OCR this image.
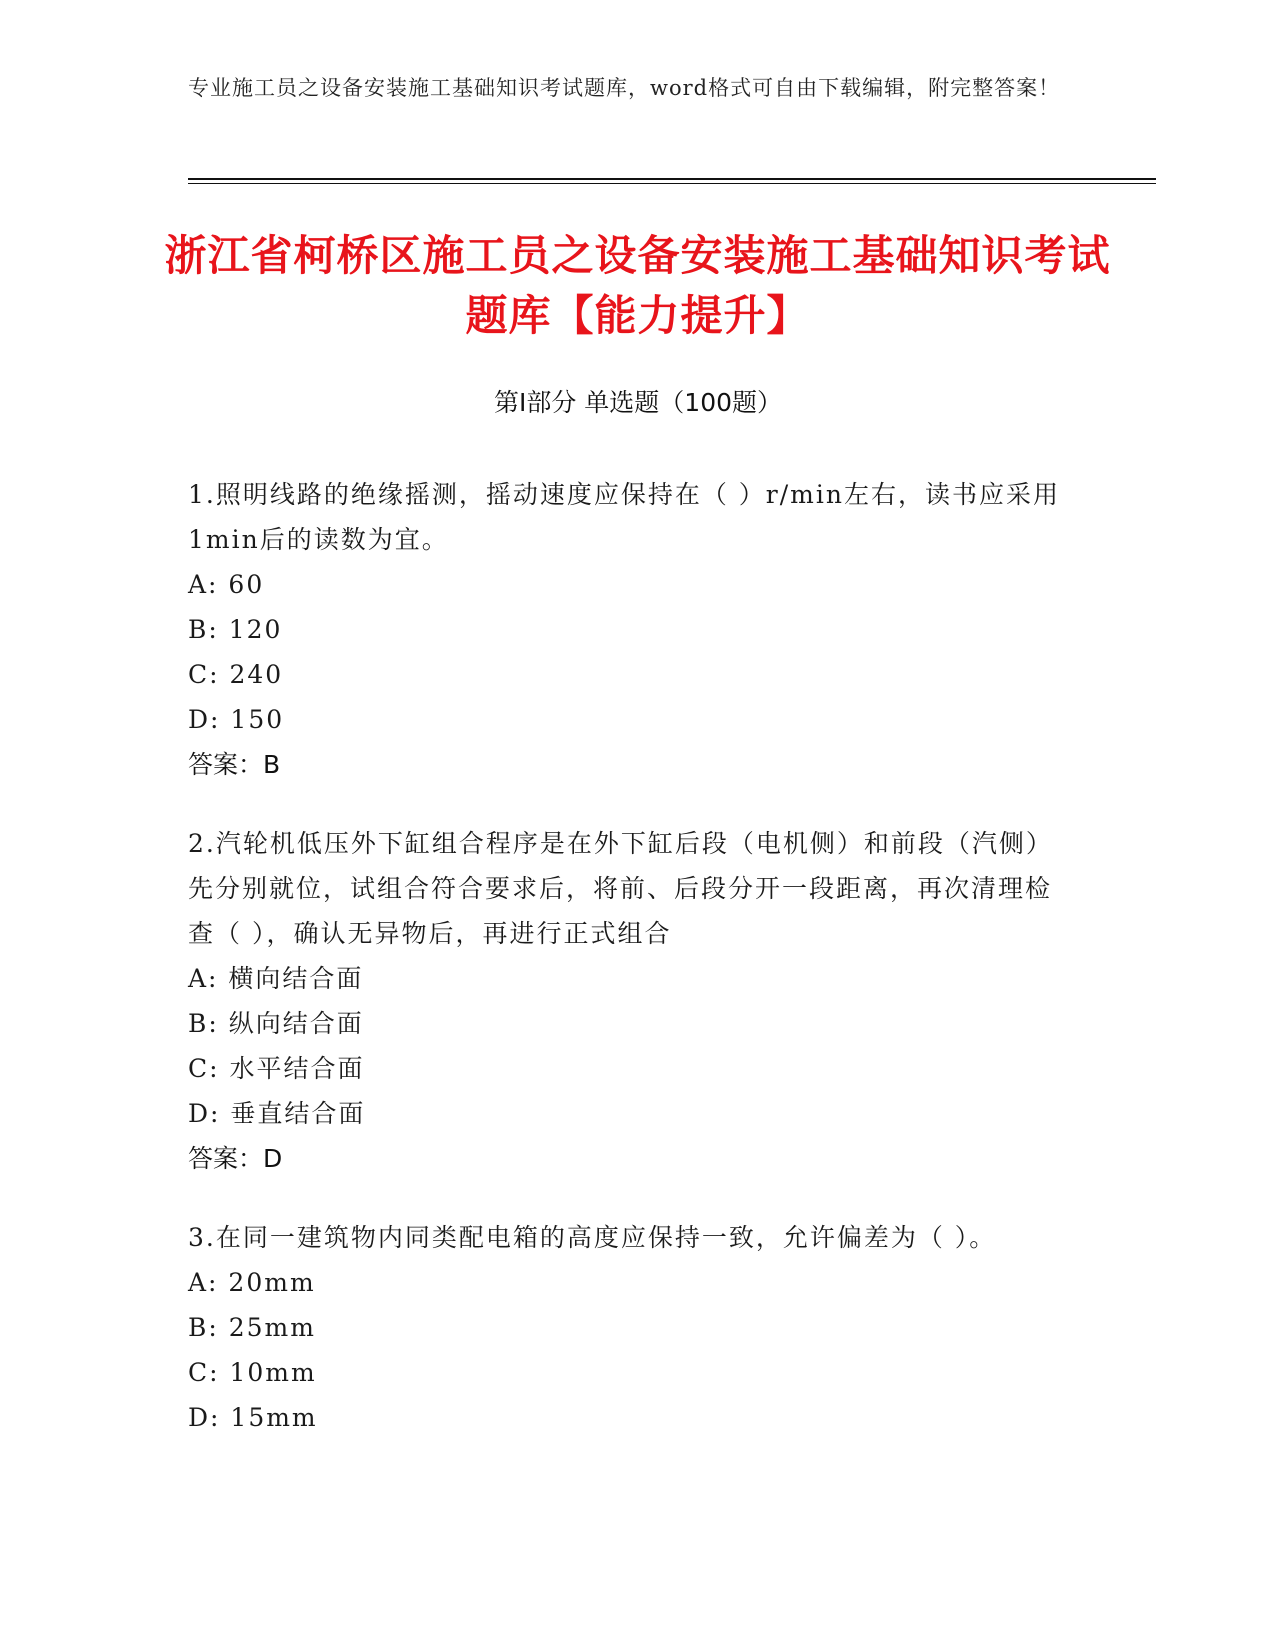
专业施工员之设备安装施工基础知识考试题库，word格式可自由下载编辑，附完整答案！
浙江省柯桥区施工员之设备安装施工基础知识考试题库【能力提升】
第Ⅰ部分 单选题（100题）

1.照明线路的绝缘摇测，摇动速度应保持在（ ）r/min左右，读书应采用1min后的读数为宜。

A: 60
B: 120
C: 240
D: 150
答案：B

2.汽轮机低压外下缸组合程序是在外下缸后段（电机侧）和前段（汽侧）先分别就位，试组合符合要求后，将前、后段分开一段距离，再次清理检查（ ），确认无异物后，再进行正式组合

A: 横向结合面
B: 纵向结合面
C: 水平结合面
D: 垂直结合面
答案：D

3.在同一建筑物内同类配电箱的高度应保持一致，允许偏差为（ ）。

A: 20mm
B: 25mm
C: 10mm
D: 15mm
